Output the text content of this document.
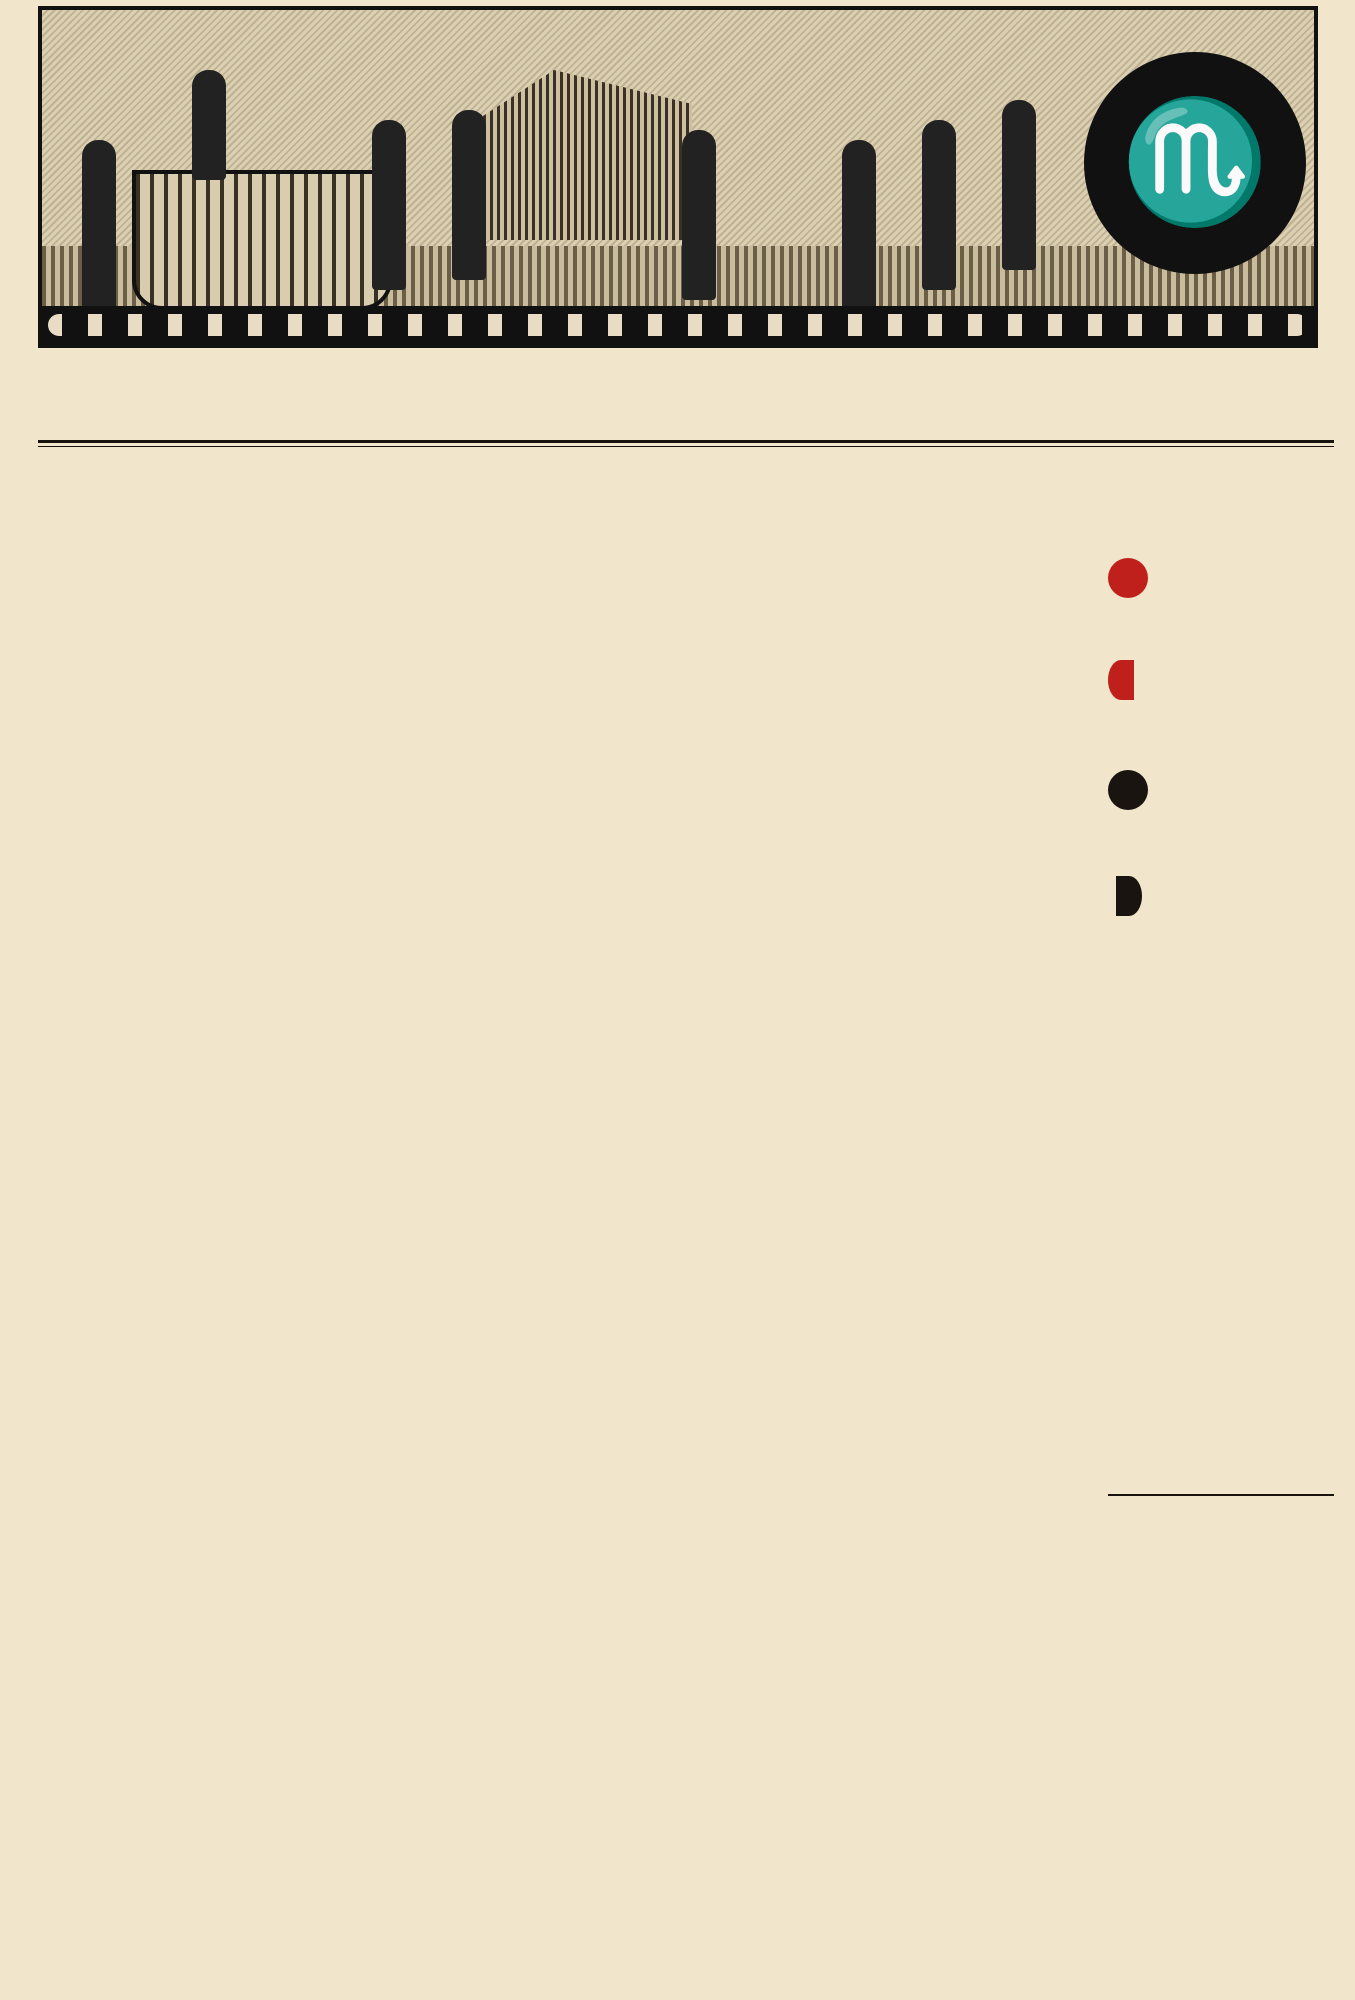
♏
